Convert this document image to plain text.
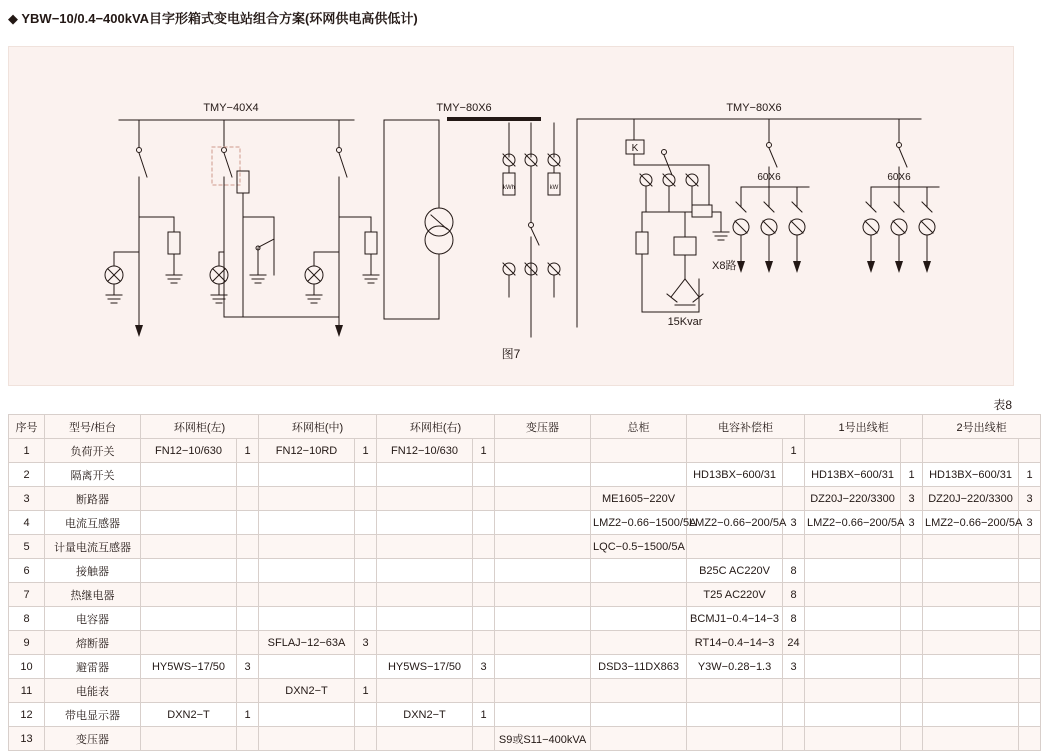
◆ YBW−10/0.4−400kVA目字形箱式变电站组合方案(环网供电高供低计)
kWh	kW
TMY−40X4	TMY−80X6	TMY−80X6
60X6	60X6
K
X8路
15Kvar
图7
表8
序号	型号/柜台	环网柜(左)		环网柜(中)		环网柜(右)		变压器	总柜	电容补偿柜		1号出线柜		2号出线柜	
1	负荷开关	FN12−10/630	1	FN12−10RD	1	FN12−10/630	1				1				
2	隔离开关									HD13BX−600/31		HD13BX−600/31	1	HD13BX−600/31	1
3	断路器								ME1605−220V			DZ20J−220/3300	3	DZ20J−220/3300	3
4	电流互感器								LMZ2−0.66−1500/5A	LMZ2−0.66−200/5A	3	LMZ2−0.66−200/5A	3	LMZ2−0.66−200/5A	3
5	计量电流互感器								LQC−0.5−1500/5A						
6	接触器									B25C AC220V	8				
7	热继电器									T25 AC220V	8				
8	电容器									BCMJ1−0.4−14−3	8				
9	熔断器			SFLAJ−12−63A	3					RT14−0.4−14−3	24				
10	避雷器	HY5WS−17/50	3			HY5WS−17/50	3		DSD3−11DX863	Y3W−0.28−1.3	3				
11	电能表			DXN2−T	1										
12	带电显示器	DXN2−T	1			DXN2−T	1								
13	变压器							S9或S11−400kVA							
